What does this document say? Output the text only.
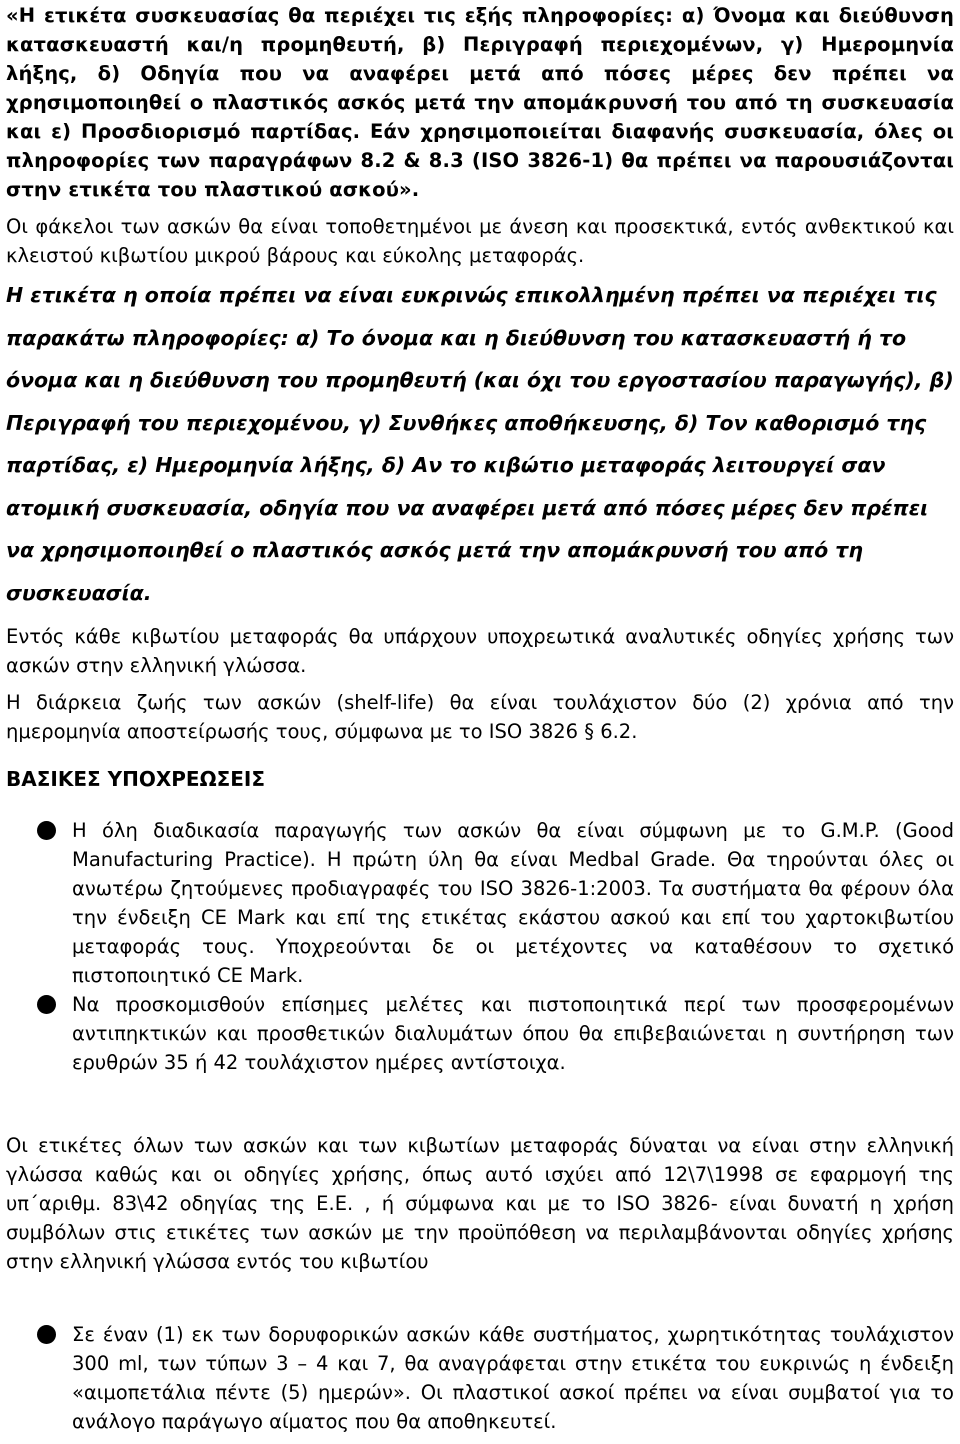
«Η ετικέτα συσκευασίας θα περιέχει τις εξής πληροφορίες: α) Όνομα και διεύθυνση κατασκευαστή και/η προμηθευτή, β) Περιγραφή περιεχομένων, γ) Ημερομηνία λήξης, δ) Οδηγία που να αναφέρει μετά από πόσες μέρες δεν πρέπει να χρησιμοποιηθεί ο πλαστικός ασκός μετά την απομάκρυνσή του από τη συσκευασία και ε) Προσδιορισμό παρτίδας. Εάν χρησιμοποιείται διαφανής συσκευασία, όλες οι πληροφορίες των παραγράφων 8.2 & 8.3 (ISO 3826-1) θα πρέπει να παρουσιάζονται στην ετικέτα του πλαστικού ασκού».

Οι φάκελοι των ασκών θα είναι τοποθετημένοι με άνεση και προσεκτικά, εντός ανθεκτικού και κλειστού κιβωτίου μικρού βάρους και εύκολης μεταφοράς.

Η ετικέτα η οποία πρέπει να είναι ευκρινώς επικολλημένη πρέπει να περιέχει τις παρακάτω πληροφορίες: α) Το όνομα και η διεύθυνση του κατασκευαστή ή το όνομα και η διεύθυνση του προμηθευτή (και όχι του εργοστασίου παραγωγής), β) Περιγραφή του περιεχομένου, γ) Συνθήκες αποθήκευσης, δ) Τον καθορισμό της παρτίδας, ε) Ημερομηνία λήξης, δ) Αν το κιβώτιο μεταφοράς λειτουργεί σαν ατομική συσκευασία, οδηγία που να αναφέρει μετά από πόσες μέρες δεν πρέπει να χρησιμοποιηθεί ο πλαστικός ασκός μετά την απομάκρυνσή του από τη συσκευασία.

Εντός κάθε κιβωτίου μεταφοράς θα υπάρχουν υποχρεωτικά αναλυτικές οδηγίες χρήσης των ασκών στην ελληνική γλώσσα.

Η διάρκεια ζωής των ασκών (shelf-life) θα είναι τουλάχιστον δύο (2) χρόνια από την ημερομηνία αποστείρωσής τους, σύμφωνα με το ISO 3826 § 6.2.

ΒΑΣΙΚΕΣ ΥΠΟΧΡΕΩΣΕΙΣ

Η όλη διαδικασία παραγωγής των ασκών θα είναι σύμφωνη με το G.M.P. (Good Manufacturing Practice). Η πρώτη ύλη θα είναι Medbal Grade. Θα τηρούνται όλες οι ανωτέρω ζητούμενες προδιαγραφές του ISO 3826-1:2003. Τα συστήματα θα φέρουν όλα την ένδειξη CE Mark και επί της ετικέτας εκάστου ασκού και επί του χαρτοκιβωτίου μεταφοράς τους. Υποχρεούνται δε οι μετέχοντες να καταθέσουν το σχετικό πιστοποιητικό CE Mark.
Να προσκομισθούν επίσημες μελέτες και πιστοποιητικά περί των προσφερομένων αντιπηκτικών και προσθετικών διαλυμάτων όπου θα επιβεβαιώνεται η συντήρηση των ερυθρών 35 ή 42 τουλάχιστον ημέρες αντίστοιχα.

Οι ετικέτες όλων των ασκών και των κιβωτίων μεταφοράς δύναται να είναι στην ελληνική γλώσσα καθώς και οι οδηγίες χρήσης, όπως αυτό ισχύει από 12\7\1998 σε εφαρμογή της υπ΄αριθμ. 83\42 οδηγίας της Ε.Ε. , ή σύμφωνα και με το ISO 3826- είναι δυνατή η χρήση συμβόλων στις ετικέτες των ασκών με την προϋπόθεση να περιλαμβάνονται οδηγίες χρήσης στην ελληνική γλώσσα εντός του κιβωτίου

Σε έναν (1) εκ των δορυφορικών ασκών κάθε συστήματος, χωρητικότητας τουλάχιστον 300 ml, των τύπων 3 – 4 και 7, θα αναγράφεται στην ετικέτα του ευκρινώς η ένδειξη «αιμοπετάλια πέντε (5) ημερών». Οι πλαστικοί ασκοί πρέπει να είναι συμβατοί για το ανάλογο παράγωγο αίματος που θα αποθηκευτεί.
